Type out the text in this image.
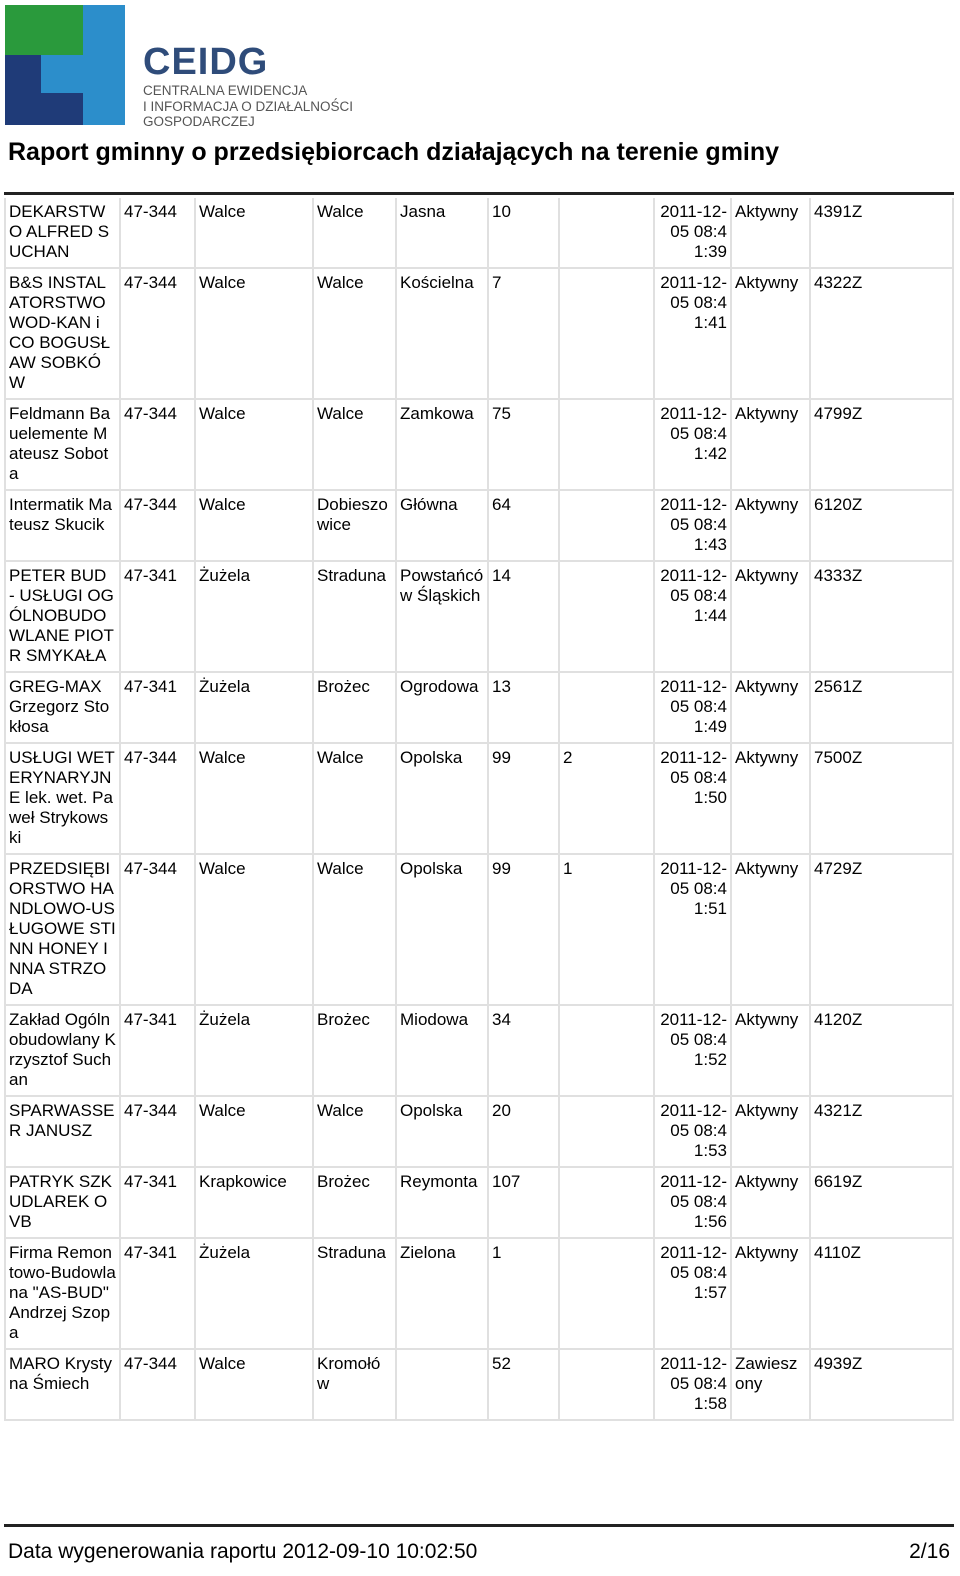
CEIDG
CENTRALNA EWIDENCJA
I INFORMACJA O DZIAŁALNOŚCI
GOSPODARCZEJ
Raport gminny o przedsiębiorcach działających na terenie gminy
DEKARSTWO ALFRED SUCHAN	47-344	Walce	Walce	Jasna	10		2011-12-05 08:41:39	Aktywny	4391Z
B&S INSTALATORSTWO WOD-KAN i CO BOGUSŁAW SOBKÓW	47-344	Walce	Walce	Kościelna	7		2011-12-05 08:41:41	Aktywny	4322Z
Feldmann Bauelemente Mateusz Sobota	47-344	Walce	Walce	Zamkowa	75		2011-12-05 08:41:42	Aktywny	4799Z
Intermatik Mateusz Skucik	47-344	Walce	Dobieszowice	Główna	64		2011-12-05 08:41:43	Aktywny	6120Z
PETER BUD - USŁUGI OGÓLNOBUDOWLANE PIOTR SMYKAŁA	47-341	Żużela	Straduna	Powstańców Śląskich	14		2011-12-05 08:41:44	Aktywny	4333Z
GREG-MAX Grzegorz Stokłosa	47-341	Żużela	Brożec	Ogrodowa	13		2011-12-05 08:41:49	Aktywny	2561Z
USŁUGI WETERYNARYJNE lek. wet. Paweł Strykowski	47-344	Walce	Walce	Opolska	99	2	2011-12-05 08:41:50	Aktywny	7500Z
PRZEDSIĘBIORSTWO HANDLOWO-USŁUGOWE STINN HONEY INNA STRZODA	47-344	Walce	Walce	Opolska	99	1	2011-12-05 08:41:51	Aktywny	4729Z
Zakład Ogólnobudowlany Krzysztof Suchan	47-341	Żużela	Brożec	Miodowa	34		2011-12-05 08:41:52	Aktywny	4120Z
SPARWASSER JANUSZ	47-344	Walce	Walce	Opolska	20		2011-12-05 08:41:53	Aktywny	4321Z
PATRYK SZKUDLAREK OVB	47-341	Krapkowice	Brożec	Reymonta	107		2011-12-05 08:41:56	Aktywny	6619Z
Firma Remontowo-Budowlana "AS-BUD" Andrzej Szopa	47-341	Żużela	Straduna	Zielona	1		2011-12-05 08:41:57	Aktywny	4110Z
MARO Krystyna Śmiech	47-344	Walce	Kromołów		52		2011-12-05 08:41:58	Zawieszony	4939Z
Data wygenerowania raportu 2012-09-10 10:02:50	2/16
